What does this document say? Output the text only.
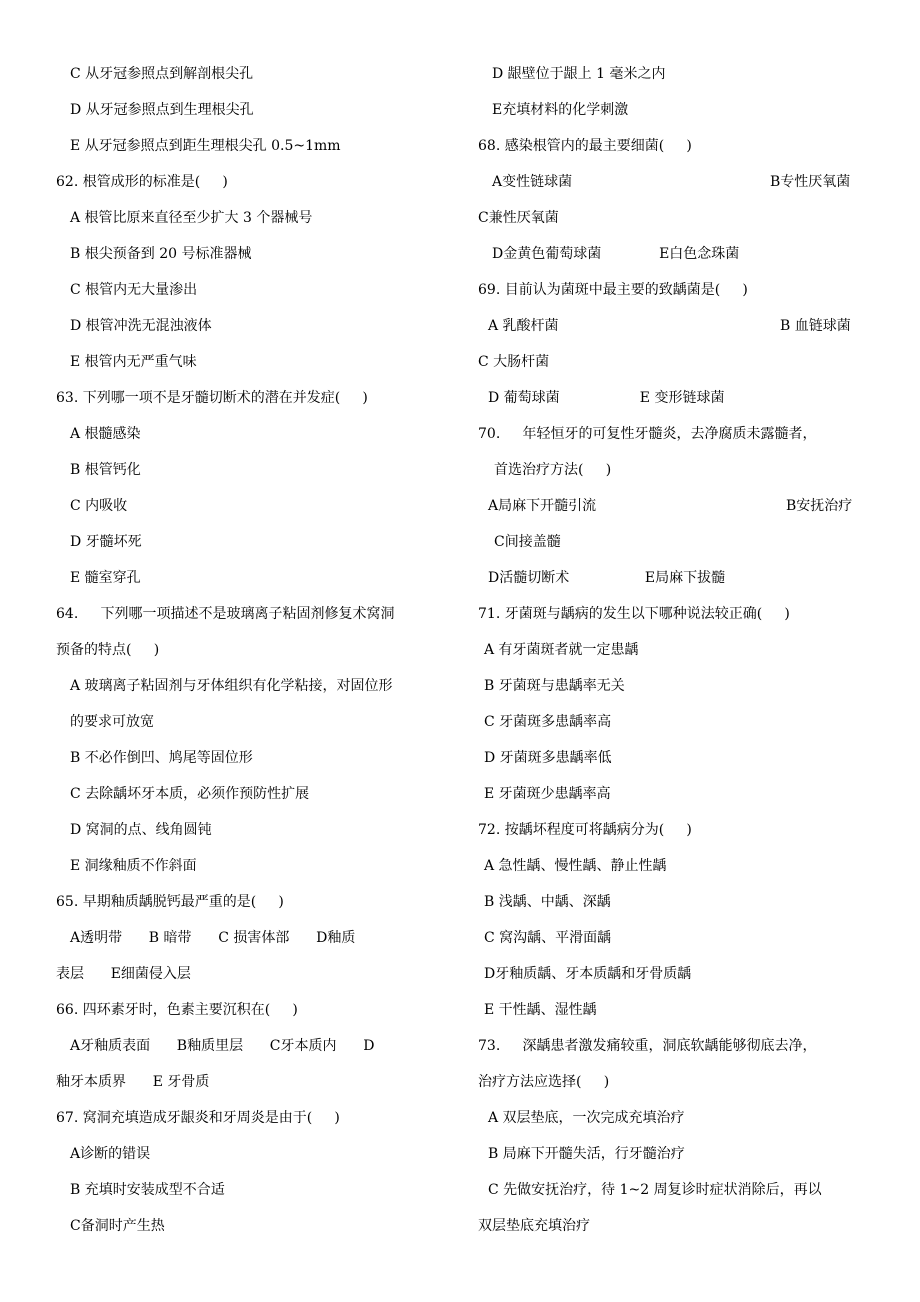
C 从牙冠参照点到解剖根尖孔
D 从牙冠参照点到生理根尖孔
E 从牙冠参照点到距生理根尖孔 0.5~1mm
62. 根管成形的标准是(     )
A 根管比原来直径至少扩大 3 个器械号
B 根尖预备到 20 号标准器械
C 根管内无大量渗出
D 根管冲洗无混浊液体
E 根管内无严重气味
63. 下列哪一项不是牙髓切断术的潜在并发症(     )
A 根髓感染
B 根管钙化
C 内吸收
D 牙髓坏死
E 髓室穿孔
64.     下列哪一项描述不是玻璃离子粘固剂修复术窝洞
预备的特点(     )
A 玻璃离子粘固剂与牙体组织有化学粘接，对固位形
的要求可放宽
B 不必作倒凹、鸠尾等固位形
C 去除龋坏牙本质，必须作预防性扩展
D 窝洞的点、线角圆钝
E 洞缘釉质不作斜面
65. 早期釉质龋脱钙最严重的是(     )
A透明带      B 暗带      C 损害体部      D釉质
表层      E细菌侵入层
66. 四环素牙时，色素主要沉积在(     )
A牙釉质表面      B釉质里层      C牙本质内      D
釉牙本质界      E 牙骨质
67. 窝洞充填造成牙龈炎和牙周炎是由于(     )
A诊断的错误
B 充填时安装成型不合适
C备洞时产生热
D 龈壁位于龈上 1 毫米之内
E充填材料的化学刺激
68. 感染根管内的最主要细菌(     )
A变性链球菌	B专性厌氧菌
C兼性厌氧菌
D金黄色葡萄球菌             E白色念珠菌
69. 目前认为菌斑中最主要的致龋菌是(     )
A 乳酸杆菌	B 血链球菌
C 大肠杆菌
D 葡萄球菌                  E 变形链球菌
70.     年轻恒牙的可复性牙髓炎，去净腐质未露髓者，
首选治疗方法(     )
A局麻下开髓引流	B安抚治疗
C间接盖髓
D活髓切断术                 E局麻下拔髓
71. 牙菌斑与龋病的发生以下哪种说法较正确(     )
A 有牙菌斑者就一定患龋
B 牙菌斑与患龋率无关
C 牙菌斑多患龋率高
D 牙菌斑多患龋率低
E 牙菌斑少患龋率高
72. 按龋坏程度可将龋病分为(     )
A 急性龋、慢性龋、静止性龋
B 浅龋、中龋、深龋
C 窝沟龋、平滑面龋
D牙釉质龋、牙本质龋和牙骨质龋
E 干性龋、湿性龋
73.     深龋患者激发痛较重，洞底软龋能够彻底去净，
治疗方法应选择(     )
A 双层垫底，一次完成充填治疗
B 局麻下开髓失活，行牙髓治疗
C 先做安抚治疗，待 1~2 周复诊时症状消除后，再以
双层垫底充填治疗
